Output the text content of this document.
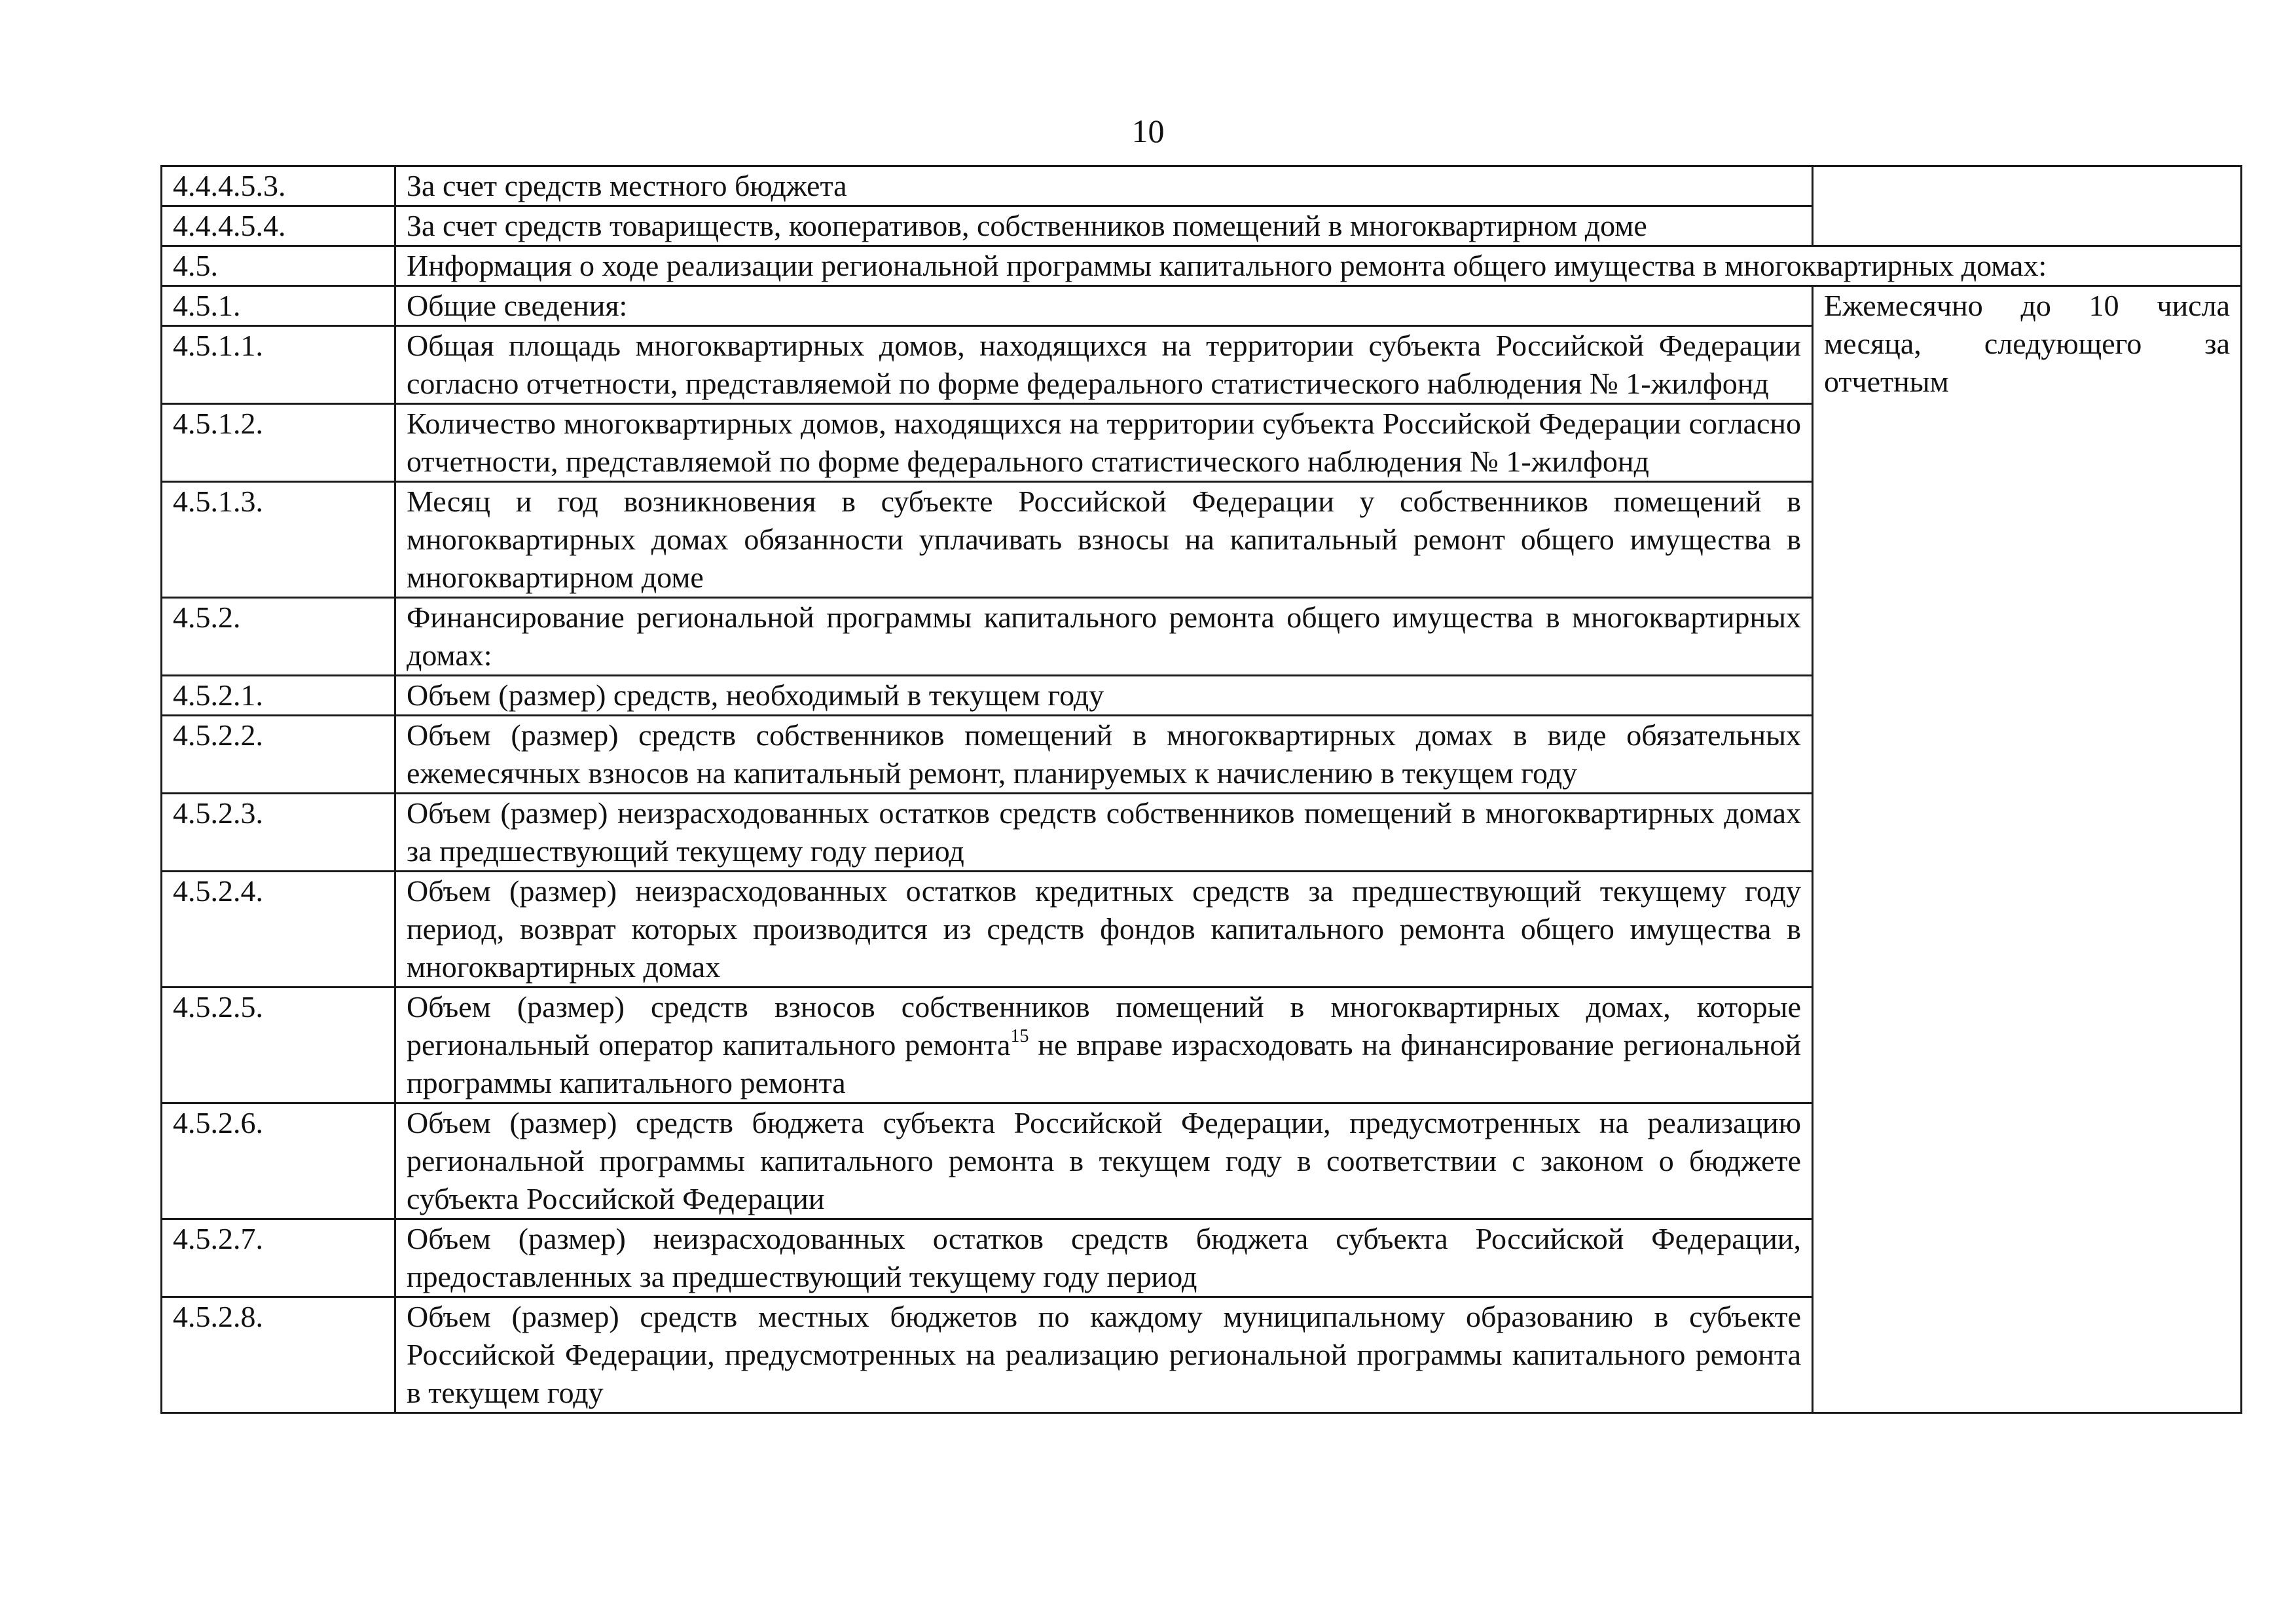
10
4.4.4.5.3.	За счет средств местного бюджета	
4.4.4.5.4.	За счет средств товариществ, кооперативов, собственников помещений в многоквартирном доме	
4.5.	Информация о ходе реализации региональной программы капитального ремонта общего имущества в многоквартирных домах:	
4.5.1.	Общие сведения:	Ежемесячно до 10 числа месяца, следующего за отчетным
4.5.1.1.	Общая площадь многоквартирных домов, находящихся на территории субъекта Российской Федерации согласно отчетности, представляемой по форме федерального статистического наблюдения № 1-жилфонд	
4.5.1.2.	Количество многоквартирных домов, находящихся на территории субъекта Российской Федерации согласно отчетности, представляемой по форме федерального статистического наблюдения № 1-жилфонд	
4.5.1.3.	Месяц и год возникновения в субъекте Российской Федерации у собственников помещений в многоквартирных домах обязанности уплачивать взносы на капитальный ремонт общего имущества в многоквартирном доме	
4.5.2.	Финансирование региональной программы капитального ремонта общего имущества в многоквартирных домах:	
4.5.2.1.	Объем (размер) средств, необходимый в текущем году	
4.5.2.2.	Объем (размер) средств собственников помещений в многоквартирных домах в виде обязательных ежемесячных взносов на капитальный ремонт, планируемых к начислению в текущем году	
4.5.2.3.	Объем (размер) неизрасходованных остатков средств собственников помещений в многоквартирных домах за предшествующий текущему году период	
4.5.2.4.	Объем (размер) неизрасходованных остатков кредитных средств за предшествующий текущему году период, возврат которых производится из средств фондов капитального ремонта общего имущества в многоквартирных домах	
4.5.2.5.	Объем (размер) средств взносов собственников помещений в многоквартирных домах, которые региональный оператор капитального ремонта$^{15}$ не вправе израсходовать на финансирование региональной программы капитального ремонта	
4.5.2.6.	Объем (размер) средств бюджета субъекта Российской Федерации, предусмотренных на реализацию региональной программы капитального ремонта в текущем году в соответствии с законом о бюджете субъекта Российской Федерации	
4.5.2.7.	Объем (размер) неизрасходованных остатков средств бюджета субъекта Российской Федерации, предоставленных за предшествующий текущему году период	
4.5.2.8.	Объем (размер) средств местных бюджетов по каждому муниципальному образованию в субъекте Российской Федерации, предусмотренных на реализацию региональной программы капитального ремонта в текущем году	
